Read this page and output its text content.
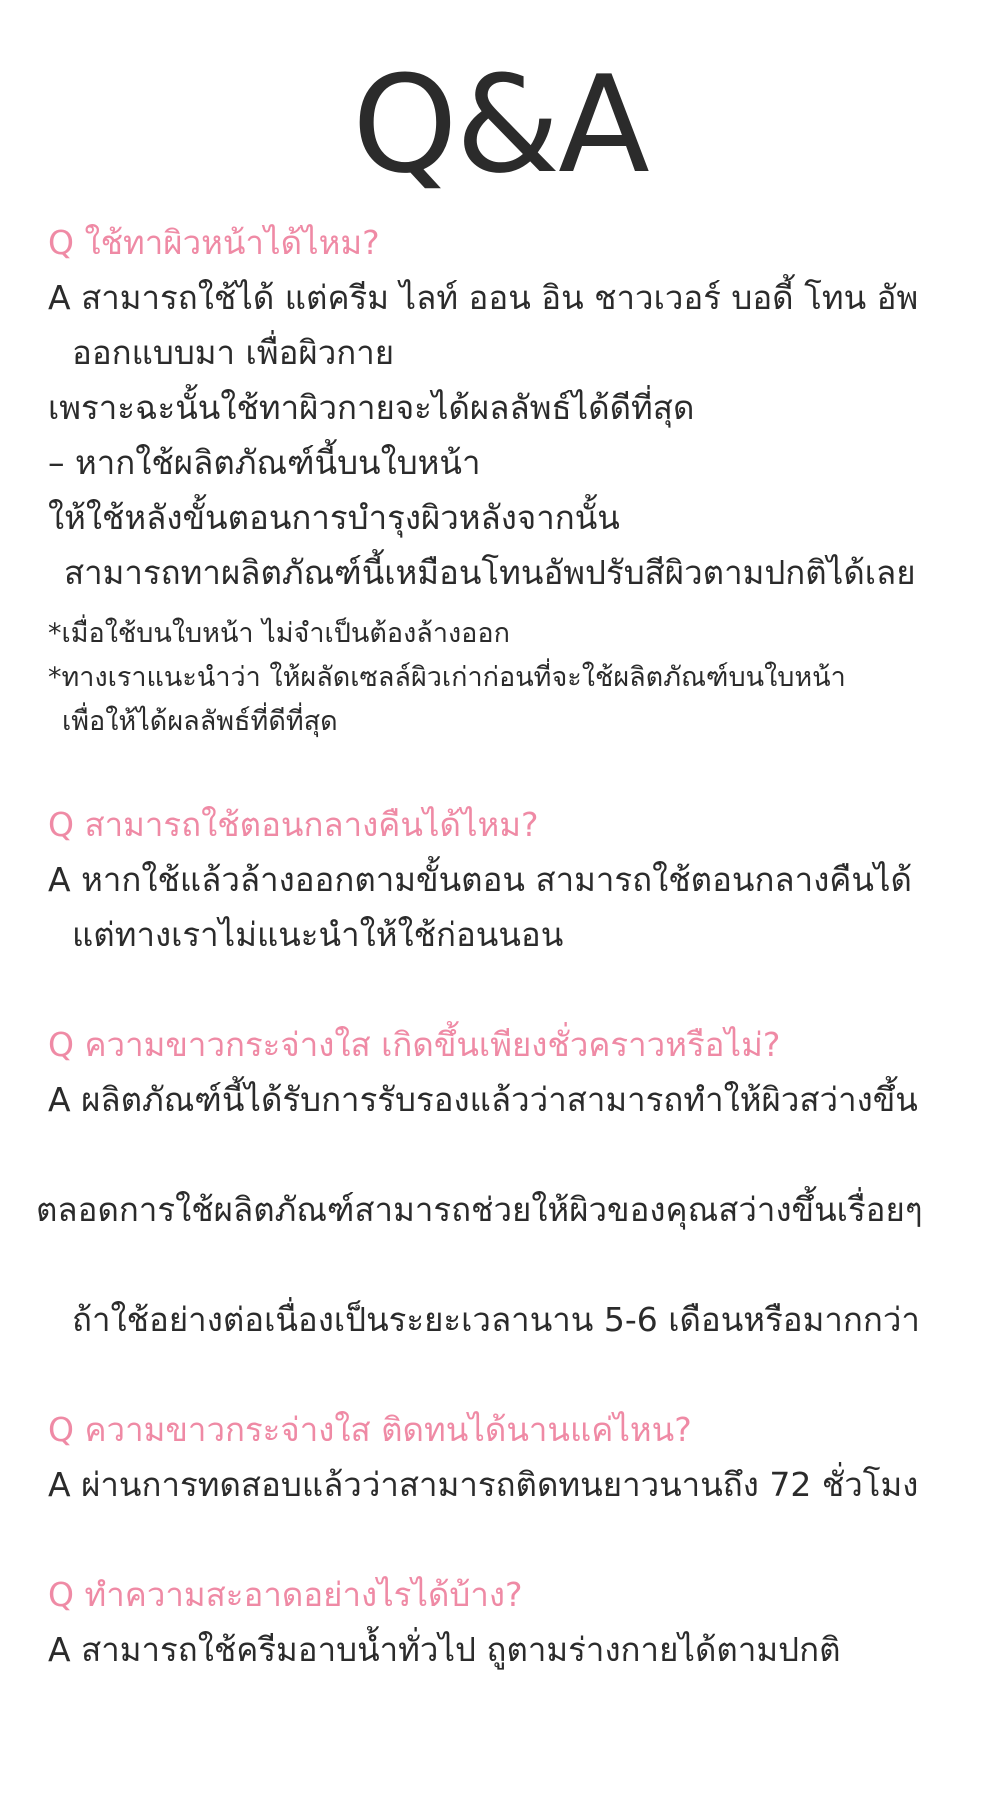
Q&A
Q ใช้ทาผิวหน้าได้ไหม?
A สามารถใช้ได้ แต่ครีม ไลท์ ออน อิน ชาวเวอร์ บอดี้ โทน อัพ
ออกแบบมา เพื่อผิวกาย
เพราะฉะนั้นใช้ทาผิวกายจะได้ผลลัพธ์ได้ดีที่สุด
– หากใช้ผลิตภัณฑ์นี้บนใบหน้า
ให้ใช้หลังขั้นตอนการบำรุงผิวหลังจากนั้น
สามารถทาผลิตภัณฑ์นี้เหมือนโทนอัพปรับสีผิวตามปกติได้เลย
*เมื่อใช้บนใบหน้า ไม่จำเป็นต้องล้างออก
*ทางเราแนะนำว่า ให้ผลัดเซลล์ผิวเก่าก่อนที่จะใช้ผลิตภัณฑ์บนใบหน้า
เพื่อให้ได้ผลลัพธ์ที่ดีที่สุด
Q สามารถใช้ตอนกลางคืนได้ไหม?
A หากใช้แล้วล้างออกตามขั้นตอน สามารถใช้ตอนกลางคืนได้
แต่ทางเราไม่แนะนำให้ใช้ก่อนนอน
Q ความขาวกระจ่างใส เกิดขึ้นเพียงชั่วคราวหรือไม่?
A ผลิตภัณฑ์นี้ได้รับการรับรองแล้วว่าสามารถทำให้ผิวสว่างขึ้น
ตลอดการใช้ผลิตภัณฑ์สามารถช่วยให้ผิวของคุณสว่างขึ้นเรื่อยๆ
ถ้าใช้อย่างต่อเนื่องเป็นระยะเวลานาน 5-6 เดือนหรือมากกว่า
Q ความขาวกระจ่างใส ติดทนได้นานแค่ไหน?
A ผ่านการทดสอบแล้วว่าสามารถติดทนยาวนานถึง 72 ชั่วโมง
Q ทำความสะอาดอย่างไรได้บ้าง?
A สามารถใช้ครีมอาบน้ำทั่วไป ถูตามร่างกายได้ตามปกติ
